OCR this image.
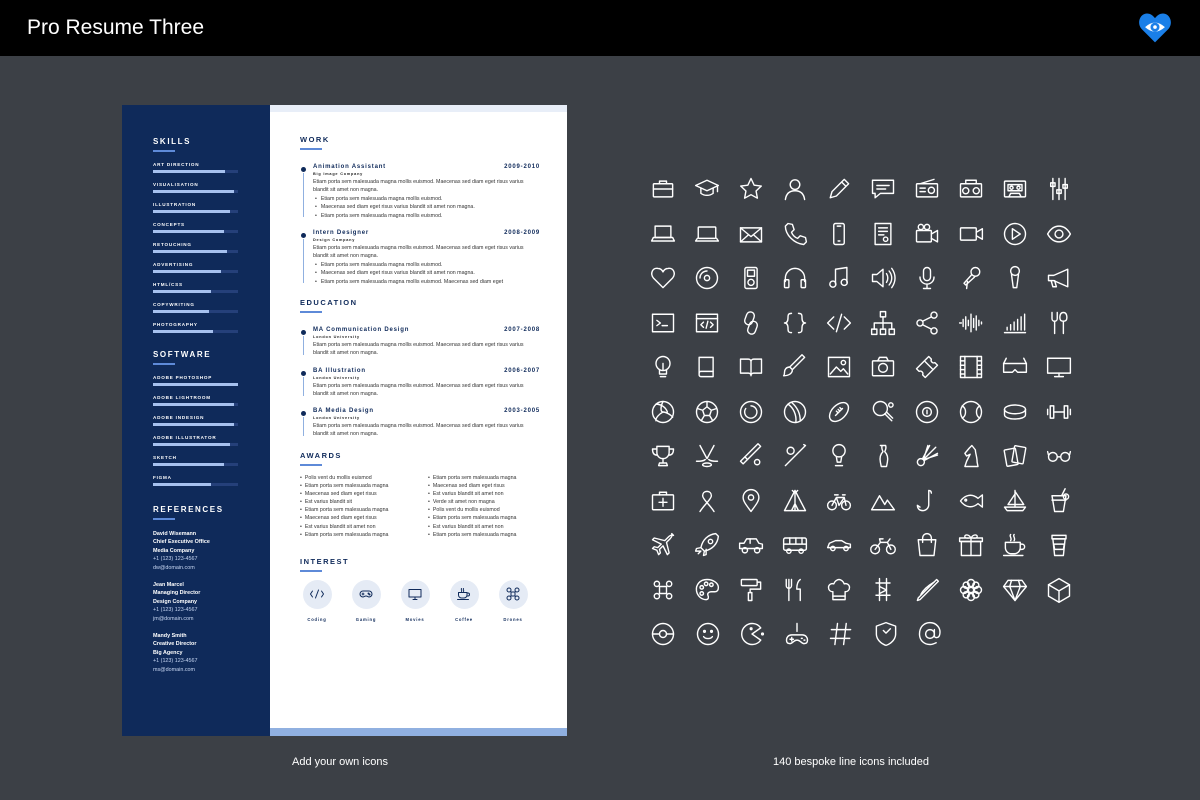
Pro Resume Three
SKILLS
ART DIRECTION
VISUALISATION
ILLUSTRATION
CONCEPTS
RETOUCHING
ADVERTISING
HTML/CSS
COPYWRITING
PHOTOGRAPHY
SOFTWARE
ADOBE PHOTOSHOP
ADOBE LIGHTROOM
ADOBE INDESIGN
ADOBE ILLUSTRATOR
SKETCH
FIGMA
REFERENCES
David Wisemann
Chief Executive Office
Media Company
+1 (123) 123-4567
dw@domain.com
Jean Marcel
Managing Director
Design Company
+1 (123) 123-4567
jm@domain.com
Mandy Smith
Creative Director
Big Agency
+1 (123) 123-4567
ms@domain.com
WORK
Animation Assistant	2009-2010
Big Image Company
Etiam porta sem malesuada magna mollis euismod. Maecenas sed diam eget risus varius blandit sit amet non magna.
• Etiam porta sem malesuada magna mollis euismod.
• Maecenas sed diam eget risus varius blandit sit amet non magna.
• Etiam porta sem malesuada magna mollis euismod.
Intern Designer	2008-2009
Design Company
Etiam porta sem malesuada magna mollis euismod. Maecenas sed diam eget risus varius blandit sit amet non magna.
• Etiam porta sem malesuada magna mollis euismod.
• Maecenas sed diam eget risus varius blandit sit amet non magna.
• Etiam porta sem malesuada magna mollis euismod. Maecenas sed diam eget
EDUCATION
MA Communication Design	2007-2008
London University
Etiam porta sem malesuada magna mollis euismod. Maecenas sed diam eget risus varius blandit sit amet non magna.
BA Illustration	2006-2007
London University
Etiam porta sem malesuada magna mollis euismod. Maecenas sed diam eget risus varius blandit sit amet non magna.
BA Media Design	2003-2005
London University
Etiam porta sem malesuada magna mollis euismod. Maecenas sed diam eget risus varius blandit sit amet non magna.
AWARDS
• Polis vent du mollis euismod
• Etiam porta sem malesuada magna
• Maecenas sed diam eget risus
• Est varius blandit sit
• Etiam porta sem malesuada magna
• Maecenas sed diam eget risus
• Est varius blandit sit amet non
• Etiam porta sem malesuada magna
• Etiam porta sem malesuada magna
• Maecenas sed diam eget risus
• Est varius blandit sit amet non
• Verde sit amet non magna
• Polis vent du mollis euismod
• Etiam porta sem malesuada magna
• Est varius blandit sit amet non
• Etiam porta sem malesuada magna
INTEREST
Coding	Gaming	Movies	Coffee	Drones
Add your own icons	140 bespoke line icons included
